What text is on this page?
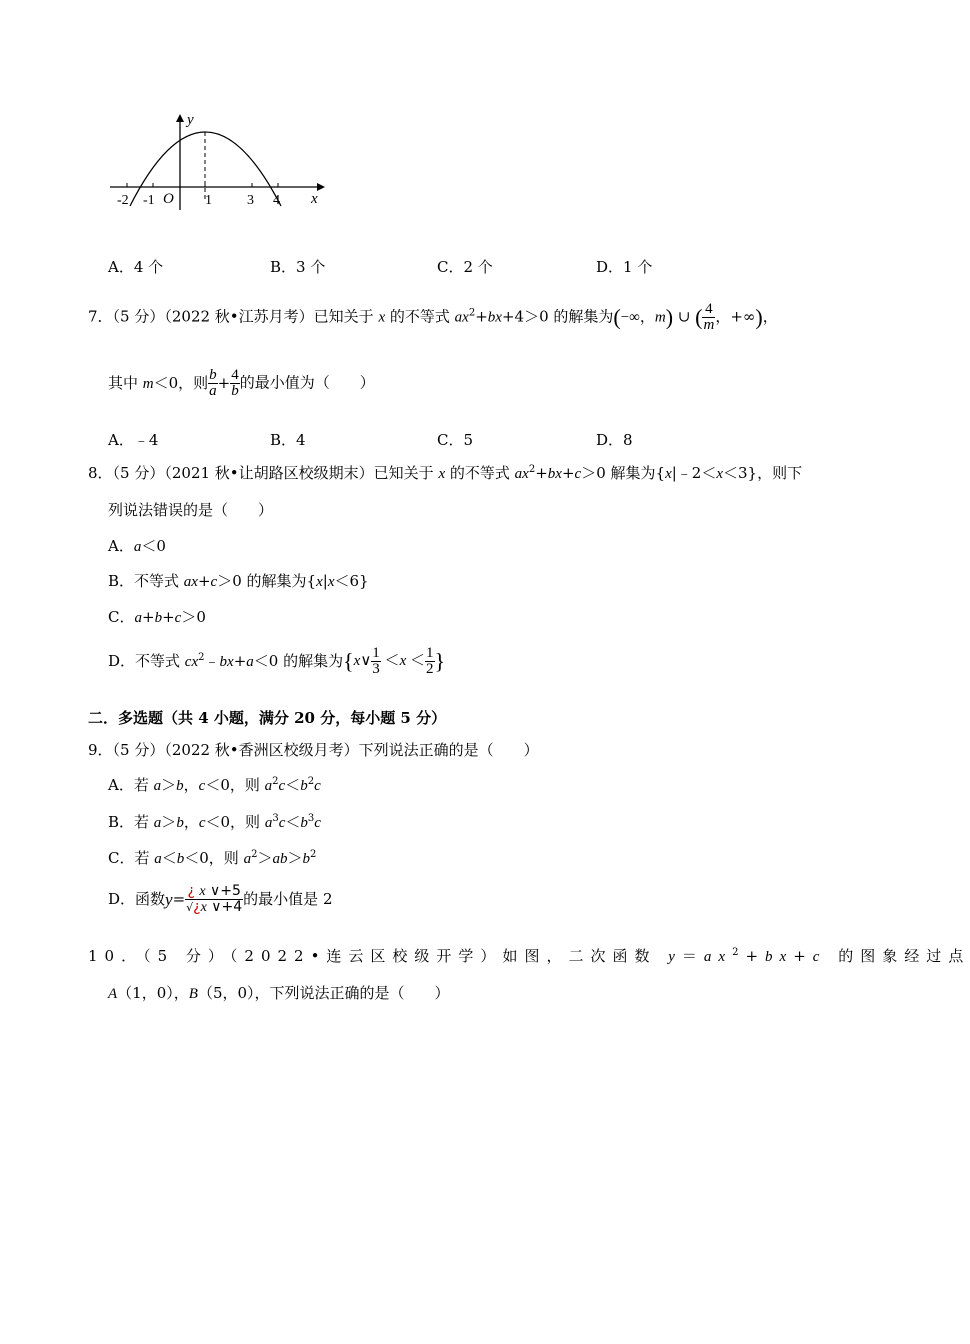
y
x
O
-2 -1	1	3 4
A．4 个	B．3 个	C．2 个	D．1 个
7．（5 分）（2022 秋•江苏月考）已知关于 x 的不等式 $ax^2+bx+4>0$ 的解集为(−∞，m) ∪ ( $\frac{4}{m}$ ，+∞)，
其中 m＜0，则 $\frac{b}{a} + \frac{4}{b}$ 的最小值为（　　）
A．﹣4	B．4	C．5	D．8
8．（5 分）（2021 秋•让胡路区校级期末）已知关于 x 的不等式 $ax^2+bx+c>0$ 解集为{x|﹣2＜x＜3}，则下
列说法错误的是（　　）
A．a＜0
B．不等式 ax+c＞0 的解集为{x|x＜6}
C．a+b+c＞0
D．不等式 $cx^2﹣bx+a<0$ 的解集为{x∨ $\frac{1}{3} <x < \frac{1}{2}$ }
二．多选题（共 4 小题，满分 20 分，每小题 5 分）
9．（5 分）（2022 秋•香洲区校级月考）下列说法正确的是（　　）
A．若 a＞b，c＜0，则 $a^2c<b^2c$
B．若 a＞b，c＜0，则 $a^3c<b^3c$
C．若 a＜b＜0，则 $a^2>ab>b^2$
D．函数$y= \frac{¿ x \vee+5}{√¿x \vee+4}$ 的最小值是 2
10．（5 分）（2022•连云区校级开学）如图，二次函数 $y=ax^2+bx+c$ 的图象经过点
A（1，0），B（5，0），下列说法正确的是（　　）
